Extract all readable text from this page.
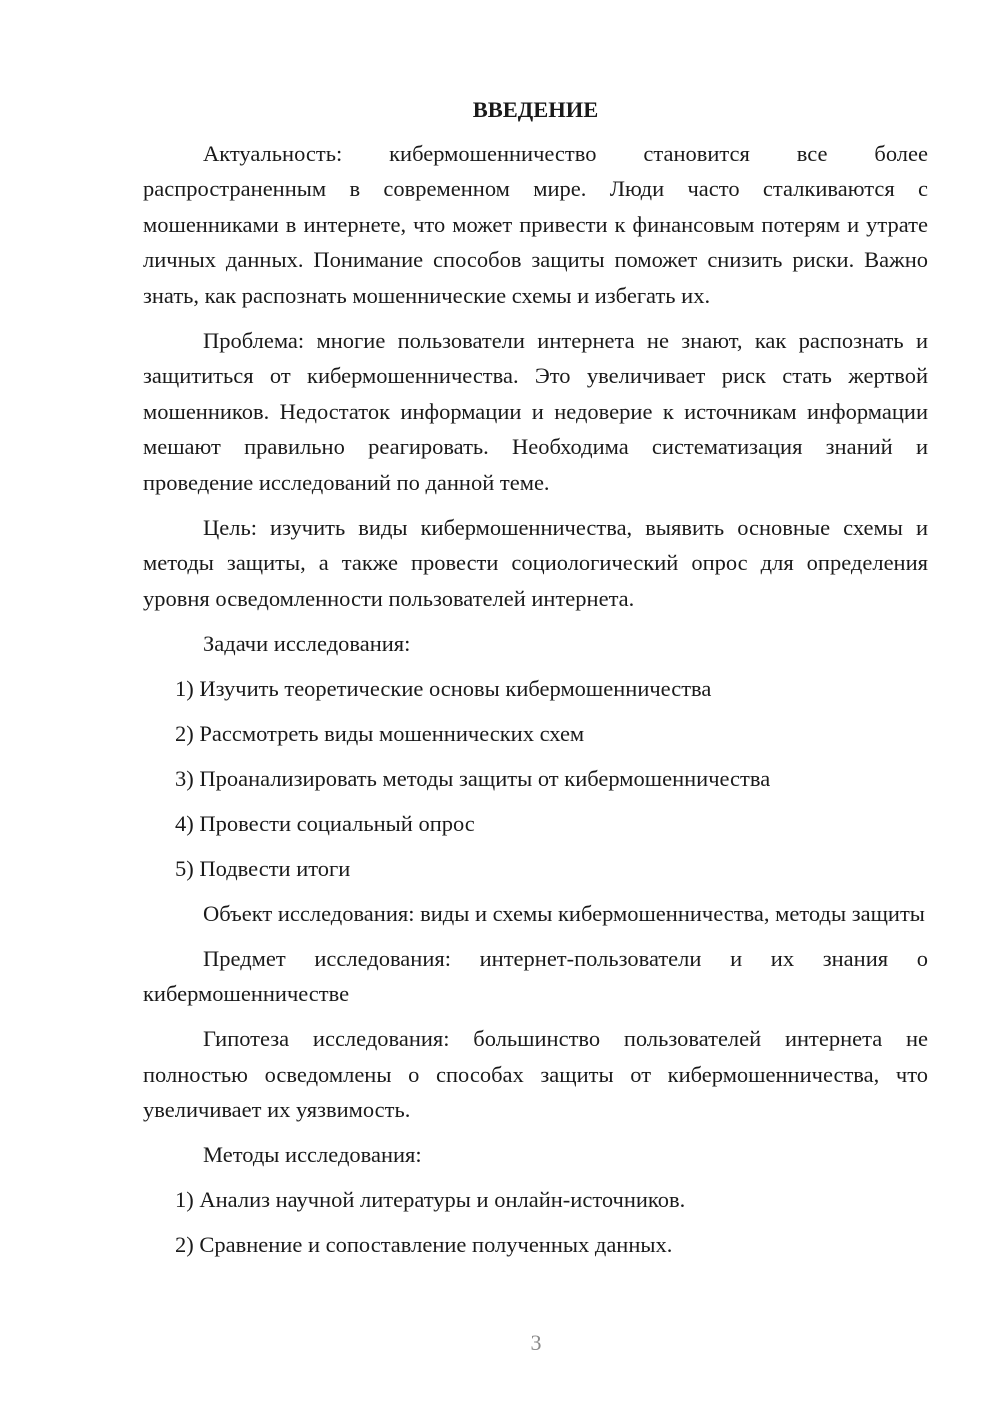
ВВЕДЕНИЕ

Актуальность: кибермошенничество становится все более распространенным в современном мире. Люди часто сталкиваются с мошенниками в интернете, что может привести к финансовым потерям и утрате личных данных. Понимание способов защиты поможет снизить риски. Важно знать, как распознать мошеннические схемы и избегать их.

Проблема: многие пользователи интернета не знают, как распознать и защититься от кибермошенничества. Это увеличивает риск стать жертвой мошенников. Недостаток информации и недоверие к источникам информации мешают правильно реагировать. Необходима систематизация знаний и проведение исследований по данной теме.

Цель: изучить виды кибермошенничества, выявить основные схемы и методы защиты, а также провести социологический опрос для определения уровня осведомленности пользователей интернета.

Задачи исследования:

1) Изучить теоретические основы кибермошенничества
2) Рассмотреть виды мошеннических схем
3) Проанализировать методы защиты от кибермошенничества
4) Провести социальный опрос
5) Подвести итоги

Объект исследования: виды и схемы кибермошенничества, методы защиты

Предмет исследования: интернет-пользователи и их знания о кибермошенничестве

Гипотеза исследования: большинство пользователей интернета не полностью осведомлены о способах защиты от кибермошенничества, что увеличивает их уязвимость.

Методы исследования:

1) Анализ научной литературы и онлайн-источников.
2) Сравнение и сопоставление полученных данных.
3
